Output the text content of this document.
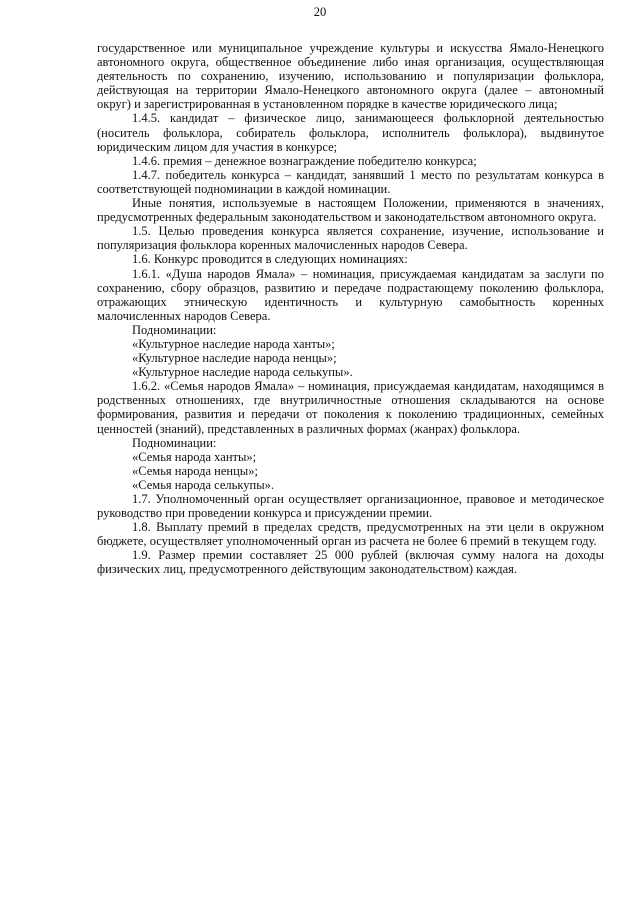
20

государственное или муниципальное учреждение культуры и искусства Ямало-Ненецкого автономного округа, общественное объединение либо иная организация, осуществляющая деятельность по сохранению, изучению, использованию и популяризации фольклора, действующая на территории Ямало-Ненецкого автономного округа (далее – автономный округ) и зарегистрированная в установленном порядке в качестве юридического лица;

1.4.5. кандидат – физическое лицо, занимающееся фольклорной деятельностью (носитель фольклора, собиратель фольклора, исполнитель фольклора), выдвинутое юридическим лицом для участия в конкурсе;

1.4.6. премия – денежное вознаграждение победителю конкурса;

1.4.7. победитель конкурса – кандидат, занявший 1 место по результатам конкурса в соответствующей подноминации в каждой номинации.

Иные понятия, используемые в настоящем Положении, применяются в значениях, предусмотренных федеральным законодательством и законодательством автономного округа.

1.5. Целью проведения конкурса является сохранение, изучение, использование и популяризация фольклора коренных малочисленных народов Севера.

1.6. Конкурс проводится в следующих номинациях:

1.6.1. «Душа народов Ямала» – номинация, присуждаемая кандидатам за заслуги по сохранению, сбору образцов, развитию и передаче подрастающему поколению фольклора, отражающих этническую идентичность и культурную самобытность коренных малочисленных народов Севера.

Подноминации:

«Культурное наследие народа ханты»;

«Культурное наследие народа ненцы»;

«Культурное наследие народа селькупы».

1.6.2. «Семья народов Ямала» – номинация, присуждаемая кандидатам, находящимся в родственных отношениях, где внутриличностные отношения складываются на основе формирования, развития и передачи от поколения к поколению традиционных, семейных ценностей (знаний), представленных в различных формах (жанрах) фольклора.

Подноминации:

«Семья народа ханты»;

«Семья народа ненцы»;

«Семья народа селькупы».

1.7. Уполномоченный орган осуществляет организационное, правовое и методическое руководство при проведении конкурса и присуждении премии.

1.8. Выплату премий в пределах средств, предусмотренных на эти цели в окружном бюджете, осуществляет уполномоченный орган из расчета не более 6 премий в текущем году.

1.9. Размер премии составляет 25 000 рублей (включая сумму налога на доходы физических лиц, предусмотренного действующим законодательством) каждая.
